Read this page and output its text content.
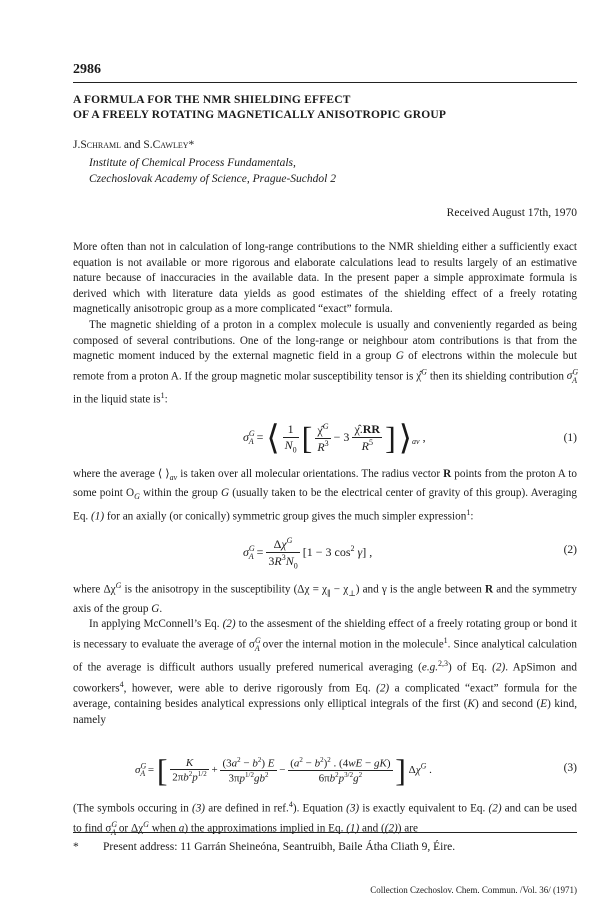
2986
A FORMULA FOR THE NMR SHIELDING EFFECT
OF A FREELY ROTATING MAGNETICALLY ANISOTROPIC GROUP
J.Schraml and S.Cawley*
Institute of Chemical Process Fundamentals,
Czechoslovak Academy of Science, Prague-Suchdol 2
Received August 17th, 1970

More often than not in calculation of long-range contributions to the NMR shielding either a sufficiently exact equation is not available or more rigorous and elaborate calculations lead to results largely of an estimative nature because of inaccuracies in the available data. In the present paper a simple approximate formula is derived which with literature data yields as good estimates of the shielding effect of a freely rotating magnetically anisotropic group as a more complicated “exact” formula.

The magnetic shielding of a proton in a complex molecule is usually and conveniently regarded as being composed of several contributions. One of the long-range or neighbour atom contributions is that from the magnetic moment induced by the external magnetic field in a group G of electrons within the molecule but remote from a proton A. If the group magnetic molar susceptibility tensor is χ̂$^G$ then its shielding contribution $\sigma^G_A$ in the liquid state $is^1$:

$\sigma^G_A$ = ⟨ $\frac{1}{N_0}$ [ $\frac{\chî^G}{R^3} - 3 \frac{\chî.RR}{R^5}$ ] $⟩_{av}$ ,	(1)

where the average ⟨ $⟩_{av}$ is taken over all molecular orientations. The radius vector R points from the proton A to some point $O_G$ within the group G (usually taken to be the electrical center of gravity of this group). Averaging Eq. (1) for an axially (or conically) symmetric group gives the much simpler expression$^1$:

$\sigma^G_A = \frac{\Delta\chi^G}{3R^3N_0} [1 - 3$ $\cos^2 \gamma$] ,	(2)

where $\Delta\chi^G$ is the anisotropy in the susceptibility $(\Delta\chi = \chi_\parallel - \chi_\perp)$ and γ is the angle between R and the symmetry axis of the group G.

In applying McConnell’s Eq. (2) to the assesment of the shielding effect of a freely rotating group or bond it is necessary to evaluate the average of $\sigma^G_A$ over the internal motion in the molecule$^1$. Since analytical calculation of the average is difficult authors usually prefered numerical averaging (e.g.$^{2,3}$) of Eq. (2). ApSimon and coworkers$^4$, however, were able to derive rigorously from Eq. (2) a complicated “exact” formula for the average, containing besides analytical expressions only elliptical integrals of the first (K) and second (E) kind, namely

$\sigma^G_A$ = [ $\frac{K}{2\pi b^2p^{1/2}} + \frac{(3a^2 - b^2) E}{3\pi p^{1/2}gb^2} - \frac{(a^2 - b^2)^2 . (4wE - gK)}{6\pi b^2p^{3/2}g^2}$ ] $\Delta\chi^G$ .	(3)

(The symbols occuring in (3) are defined in ref.$^4$). Equation (3) is exactly equivalent to Eq. (2) and can be used to find $\sigma^G_A$ or $\Delta\chi^G$ when a) the approximations implied in Eq. (1) and ((2)) are

* Present address: 11 Garrán Sheineóna, Seantruibh, Baile Átha Cliath 9, Éire.
Collection Czechoslov. Chem. Commun. /Vol. 36/ (1971)
